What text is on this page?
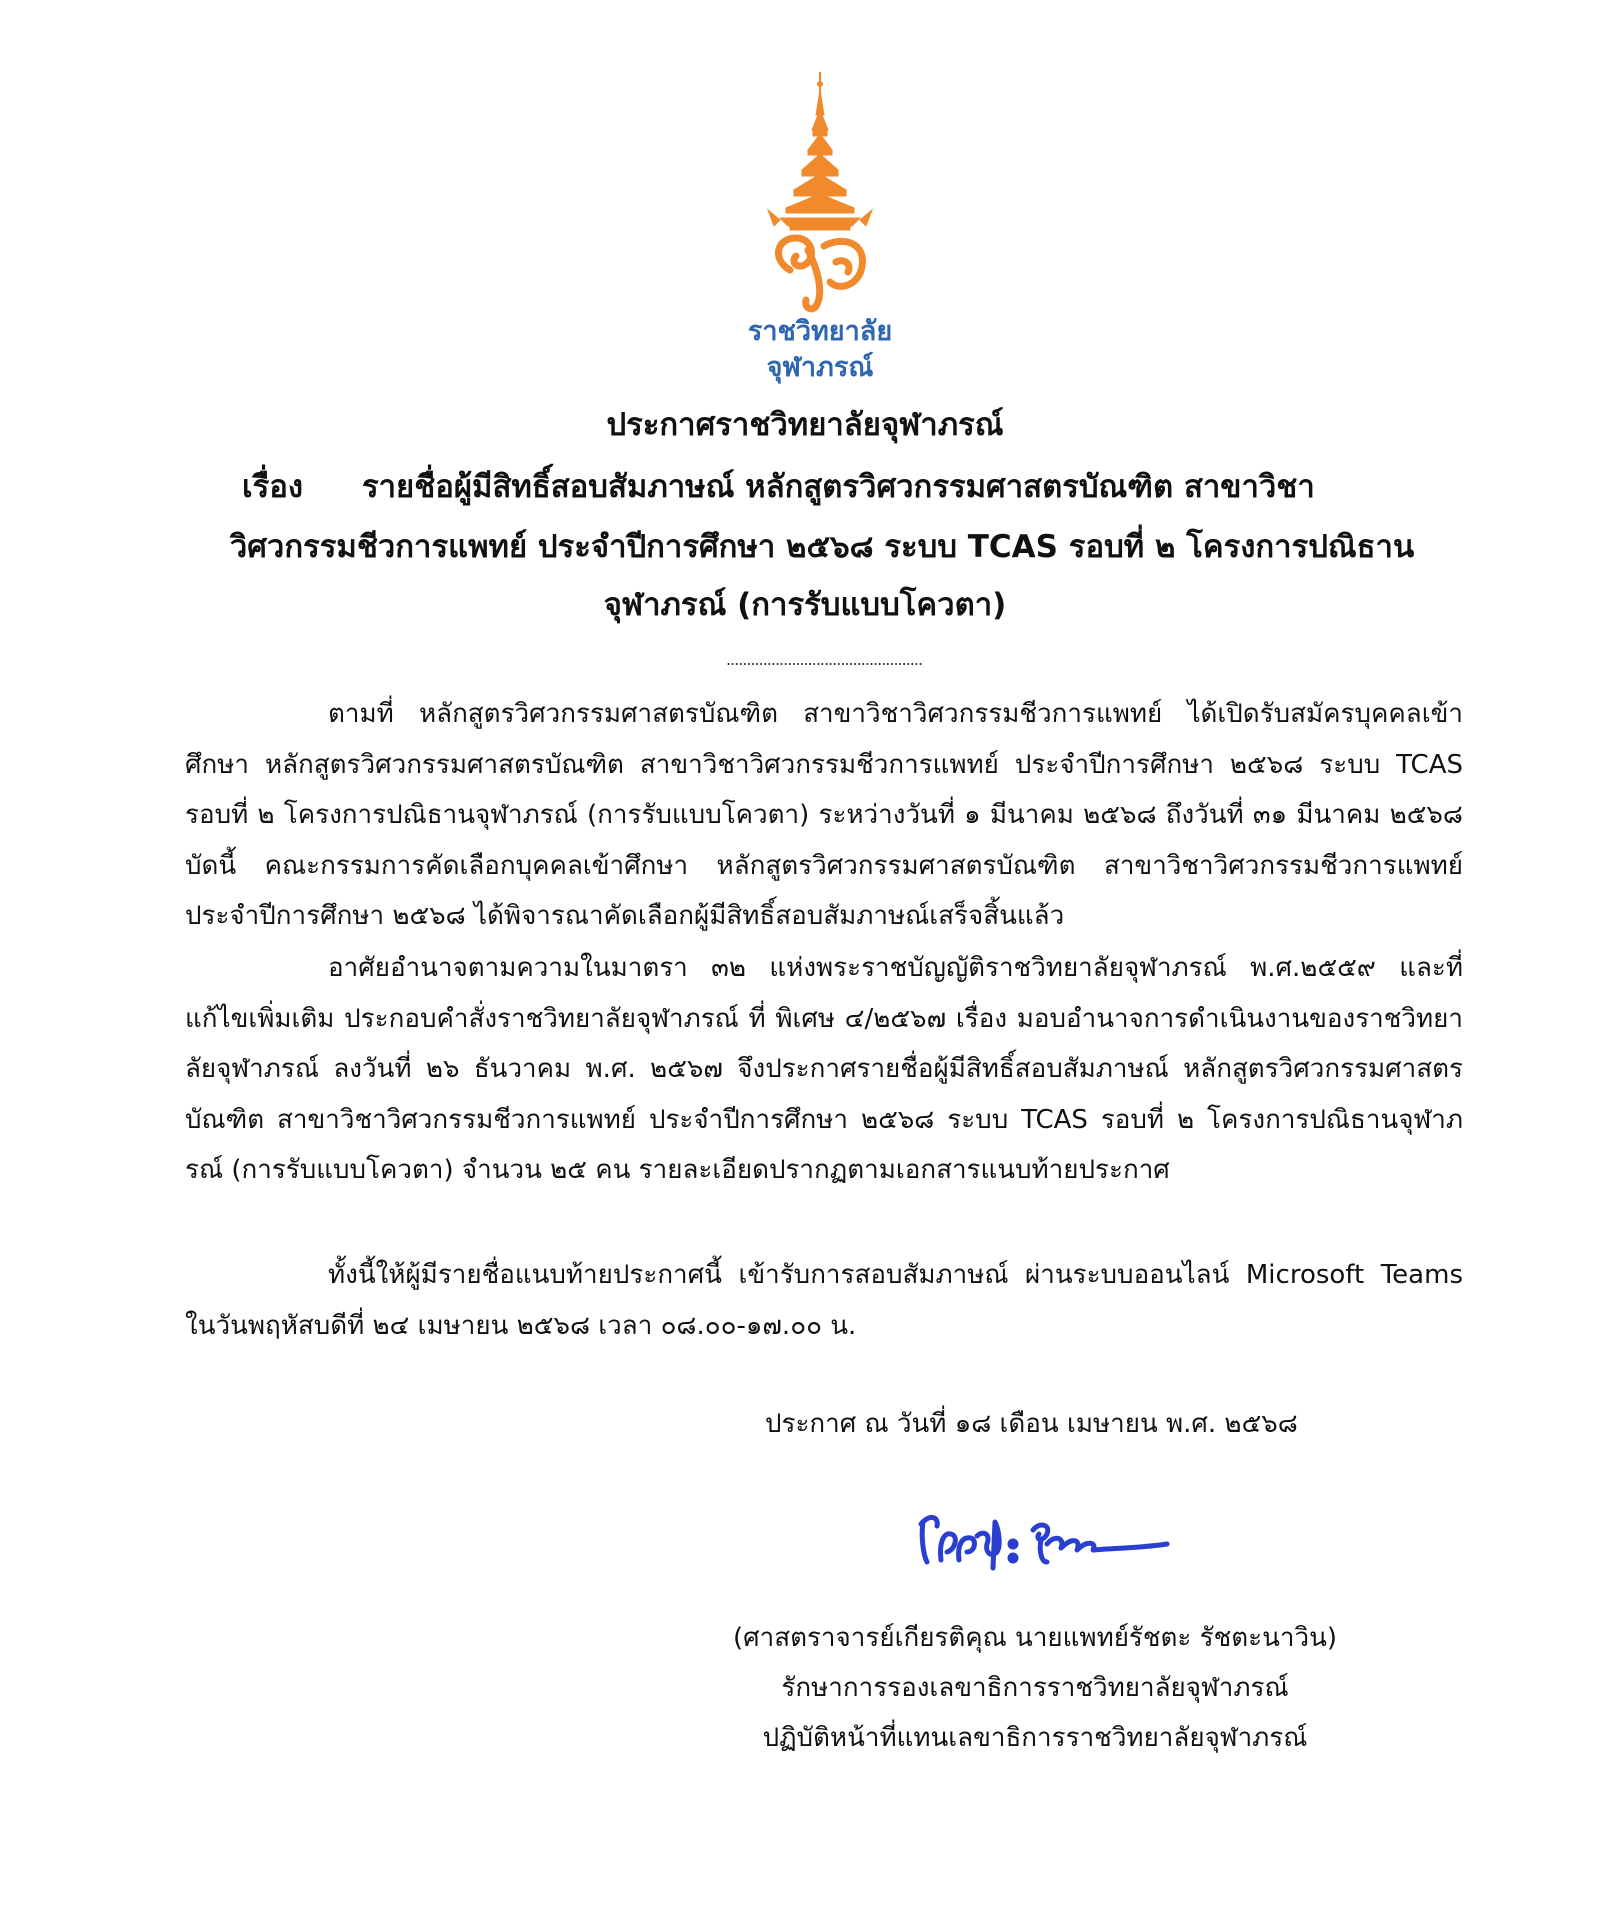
ราชวิทยาลัย
จุฬาภรณ์
ประกาศราชวิทยาลัยจุฬาภรณ์
เรื่อง รายชื่อผู้มีสิทธิ์สอบสัมภาษณ์ หลักสูตรวิศวกรรมศาสตรบัณฑิต สาขาวิชา
วิศวกรรมชีวการแพทย์ ประจำปีการศึกษา ๒๕๖๘ ระบบ TCAS รอบที่ ๒ โครงการปณิธาน
จุฬาภรณ์ (การรับแบบโควตา)
................................................
ตามที่ หลักสูตรวิศวกรรมศาสตรบัณฑิต สาขาวิชาวิศวกรรมชีวการแพทย์ ได้เปิดรับสมัครบุคคลเข้าศึกษา หลักสูตรวิศวกรรมศาสตรบัณฑิต สาขาวิชาวิศวกรรมชีวการแพทย์ ประจำปีการศึกษา ๒๕๖๘ ระบบ TCAS รอบที่ ๒ โครงการปณิธานจุฬาภรณ์ (การรับแบบโควตา) ระหว่างวันที่ ๑ มีนาคม ๒๕๖๘ ถึงวันที่ ๓๑ มีนาคม ๒๕๖๘ บัดนี้ คณะกรรมการคัดเลือกบุคคลเข้าศึกษา หลักสูตรวิศวกรรมศาสตรบัณฑิต สาขาวิชาวิศวกรรมชีวการแพทย์ ประจำปีการศึกษา ๒๕๖๘ ได้พิจารณาคัดเลือกผู้มีสิทธิ์สอบสัมภาษณ์เสร็จสิ้นแล้ว
อาศัยอำนาจตามความในมาตรา ๓๒ แห่งพระราชบัญญัติราชวิทยาลัยจุฬาภรณ์ พ.ศ.๒๕๕๙ และที่แก้ไขเพิ่มเติม ประกอบคำสั่งราชวิทยาลัยจุฬาภรณ์ ที่ พิเศษ ๔/๒๕๖๗ เรื่อง มอบอำนาจการดำเนินงานของราชวิทยาลัยจุฬาภรณ์ ลงวันที่ ๒๖ ธันวาคม พ.ศ. ๒๕๖๗ จึงประกาศรายชื่อผู้มีสิทธิ์สอบสัมภาษณ์ หลักสูตรวิศวกรรมศาสตรบัณฑิต สาขาวิชาวิศวกรรมชีวการแพทย์ ประจำปีการศึกษา ๒๕๖๘ ระบบ TCAS รอบที่ ๒ โครงการปณิธานจุฬาภรณ์ (การรับแบบโควตา) จำนวน ๒๕ คน รายละเอียดปรากฏตามเอกสารแนบท้ายประกาศ
ทั้งนี้ให้ผู้มีรายชื่อแนบท้ายประกาศนี้ เข้ารับการสอบสัมภาษณ์ ผ่านระบบออนไลน์ Microsoft Teams ในวันพฤหัสบดีที่ ๒๔ เมษายน ๒๕๖๘ เวลา ๐๘.๐๐-๑๗.๐๐ น.
ประกาศ ณ วันที่ ๑๘ เดือน เมษายน พ.ศ. ๒๕๖๘
(ศาสตราจารย์เกียรติคุณ นายแพทย์รัชตะ รัชตะนาวิน)
รักษาการรองเลขาธิการราชวิทยาลัยจุฬาภรณ์
ปฏิบัติหน้าที่แทนเลขาธิการราชวิทยาลัยจุฬาภรณ์
